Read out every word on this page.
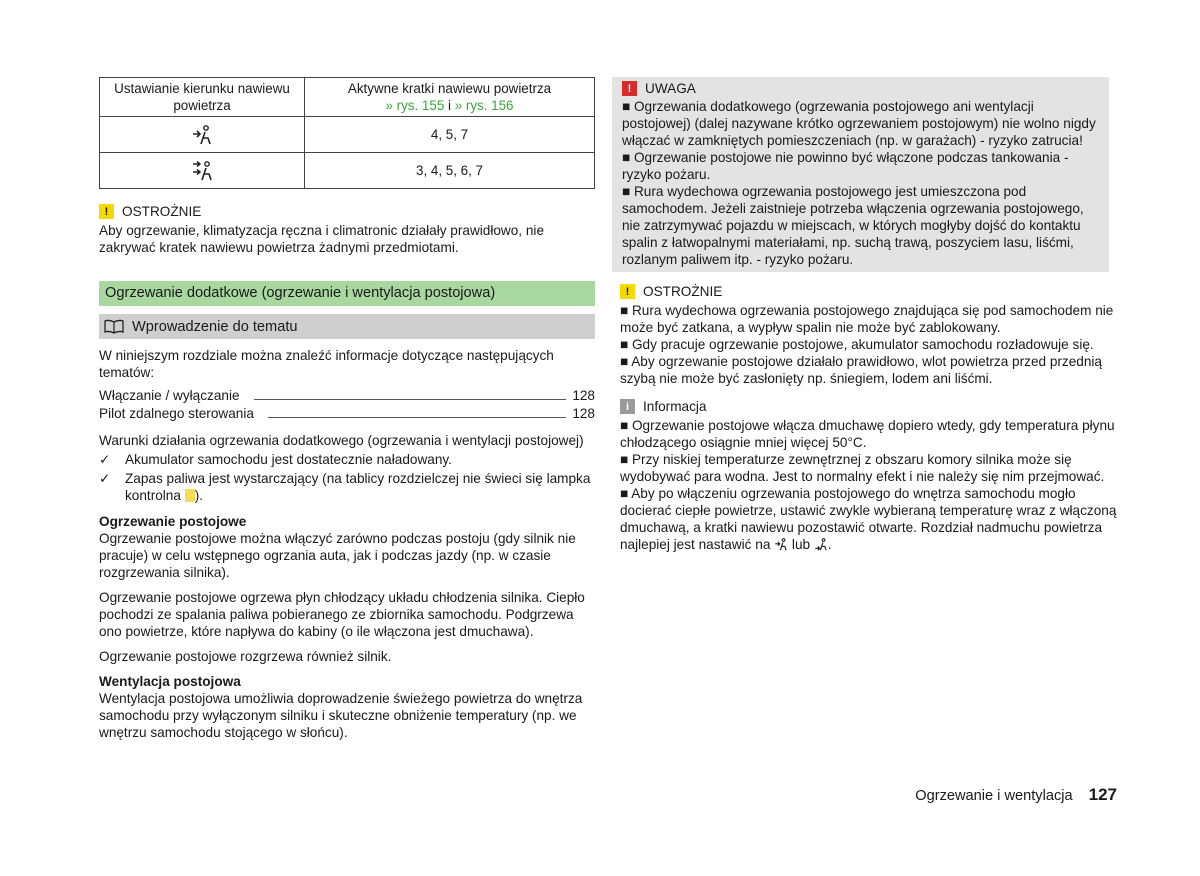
Ustawianie kierunku nawiewu powietrza	Aktywne kratki nawiewu powietrza
» rys. 155 i » rys. 156
	4, 5, 7
	3, 4, 5, 6, 7
!	OSTROŻNIE

Aby ogrzewanie, klimatyzacja ręczna i climatronic działały prawidłowo, nie zakrywać kratek nawiewu powietrza żadnymi przedmiotami.

Ogrzewanie dodatkowe (ogrzewanie i wentylacja postojowa)
Wprowadzenie do tematu

W niniejszym rozdziale można znaleźć informacje dotyczące następujących tematów:

Włączanie / wyłączanie	128
Pilot zdalnego sterowania	128

Warunki działania ogrzewania dodatkowego (ogrzewania i wentylacji postojowej)

✓	Akumulator samochodu jest dostatecznie naładowany.
✓	Zapas paliwa jest wystarczający (na tablicy rozdzielczej nie świeci się lampka kontrolna ).

Ogrzewanie postojowe

Ogrzewanie postojowe można włączyć zarówno podczas postoju (gdy silnik nie pracuje) w celu wstępnego ogrzania auta, jak i podczas jazdy (np. w czasie rozgrzewania silnika).

Ogrzewanie postojowe ogrzewa płyn chłodzący układu chłodzenia silnika. Ciepło pochodzi ze spalania paliwa pobieranego ze zbiornika samochodu. Podgrzewa ono powietrze, które napływa do kabiny (o ile włączona jest dmuchawa).

Ogrzewanie postojowe rozgrzewa również silnik.

Wentylacja postojowa

Wentylacja postojowa umożliwia doprowadzenie świeżego powietrza do wnętrza samochodu przy wyłączonym silniku i skuteczne obniżenie temperatury (np. we wnętrzu samochodu stojącego w słońcu).

!	UWAGA

■ Ogrzewania dodatkowego (ogrzewania postojowego ani wentylacji postojowej) (dalej nazywane krótko ogrzewaniem postojowym) nie wolno nigdy włączać w zamkniętych pomieszczeniach (np. w garażach) - ryzyko zatrucia!

■ Ogrzewanie postojowe nie powinno być włączone podczas tankowania - ryzyko pożaru.

■ Rura wydechowa ogrzewania postojowego jest umieszczona pod samochodem. Jeżeli zaistnieje potrzeba włączenia ogrzewania postojowego, nie zatrzymywać pojazdu w miejscach, w których mogłyby dojść do kontaktu spalin z łatwopalnymi materiałami, np. suchą trawą, poszyciem lasu, liśćmi, rozlanym paliwem itp. - ryzyko pożaru.

!	OSTROŻNIE

■ Rura wydechowa ogrzewania postojowego znajdująca się pod samochodem nie może być zatkana, a wypływ spalin nie może być zablokowany.

■ Gdy pracuje ogrzewanie postojowe, akumulator samochodu rozładowuje się.

■ Aby ogrzewanie postojowe działało prawidłowo, wlot powietrza przed przednią szybą nie może być zasłonięty np. śniegiem, lodem ani liśćmi.

i	Informacja

■ Ogrzewanie postojowe włącza dmuchawę dopiero wtedy, gdy temperatura płynu chłodzącego osiągnie mniej więcej 50°C.

■ Przy niskiej temperaturze zewnętrznej z obszaru komory silnika może się wydobywać para wodna. Jest to normalny efekt i nie należy się nim przejmować.

■ Aby po włączeniu ogrzewania postojowego do wnętrza samochodu mogło docierać ciepłe powietrze, ustawić zwykle wybieraną temperaturę wraz z włączoną dmuchawą, a kratki nawiewu pozostawić otwarte. Rozdział nadmuchu powietrza najlepiej jest nastawić na  lub .

Ogrzewanie i wentylacja 127
